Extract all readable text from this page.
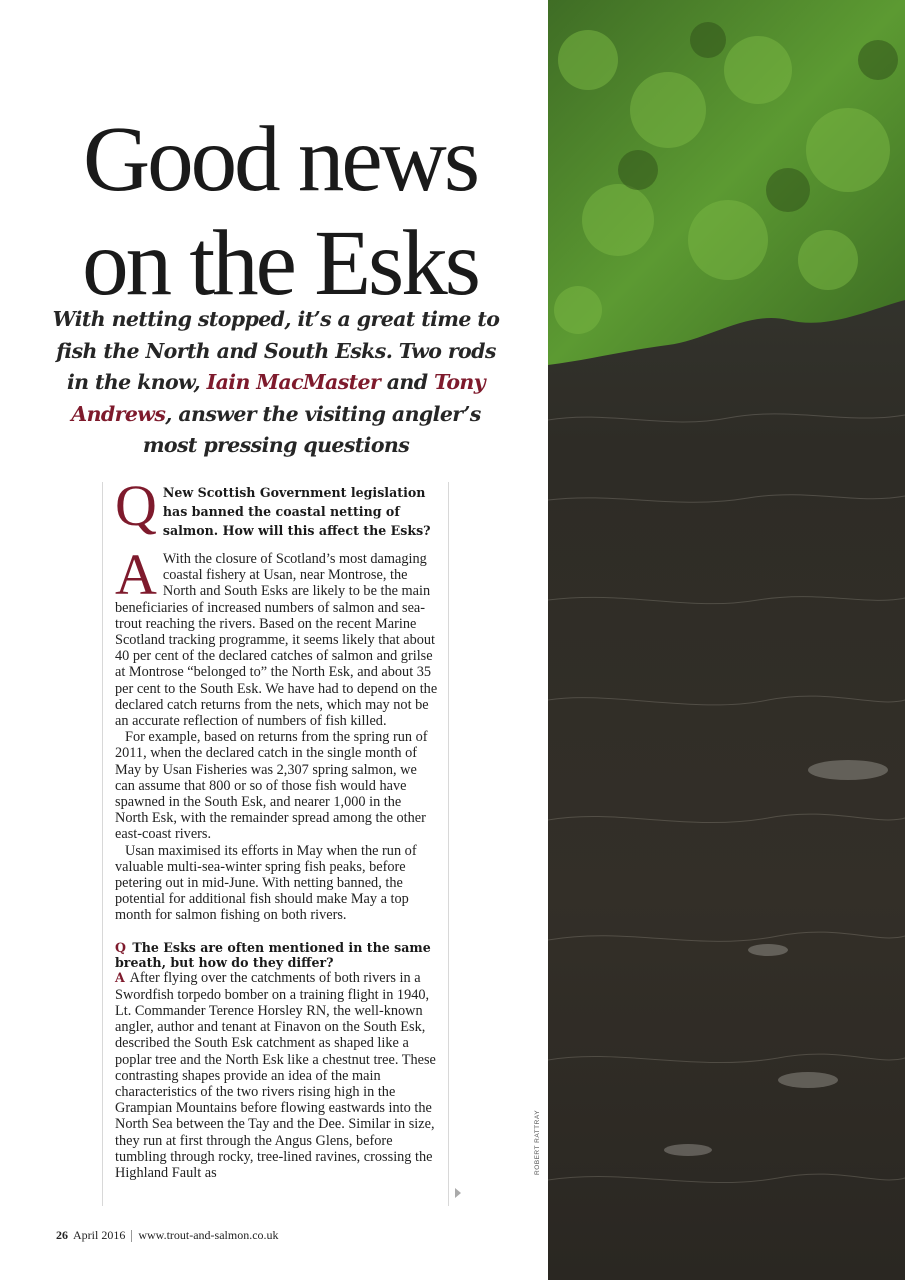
Good news
on the Esks

With netting stopped, it’s a great time to fish the North and South Esks. Two rods in the know, Iain MacMaster and Tony Andrews, answer the visiting angler’s most pressing questions

Q New Scottish Government legislation has banned the coastal netting of salmon. How will this affect the Esks?
A With the closure of Scotland’s most damaging coastal fishery at Usan, near Montrose, the North and South Esks are likely to be the main beneficiaries of increased numbers of salmon and sea-trout reaching the rivers. Based on the recent Marine Scotland tracking programme, it seems likely that about 40 per cent of the declared catches of salmon and grilse at Montrose “belonged to” the North Esk, and about 35 per cent to the South Esk. We have had to depend on the declared catch returns from the nets, which may not be an accurate reflection of numbers of fish killed.

For example, based on returns from the spring run of 2011, when the declared catch in the single month of May by Usan Fisheries was 2,307 spring salmon, we can assume that 800 or so of those fish would have spawned in the South Esk, and nearer 1,000 in the North Esk, with the remainder spread among the other east-coast rivers.

Usan maximised its efforts in May when the run of valuable multi-sea-winter spring fish peaks, before petering out in mid-June. With netting banned, the potential for additional fish should make May a top month for salmon fishing on both rivers.

Q The Esks are often mentioned in the same breath, but how do they differ?

A After flying over the catchments of both rivers in a Swordfish torpedo bomber on a training flight in 1940, Lt. Commander Terence Horsley RN, the well-known angler, author and tenant at Finavon on the South Esk, described the South Esk catchment as shaped like a poplar tree and the North Esk like a chestnut tree. These contrasting shapes provide an idea of the main characteristics of the two rivers rising high in the Grampian Mountains before flowing eastwards into the North Sea between the Tay and the Dee. Similar in size, they run at first through the Angus Glens, before tumbling through rocky, tree-lined ravines, crossing the Highland Fault as	ROBERT RATTRAY
26 April 2016 www.trout-and-salmon.co.uk
